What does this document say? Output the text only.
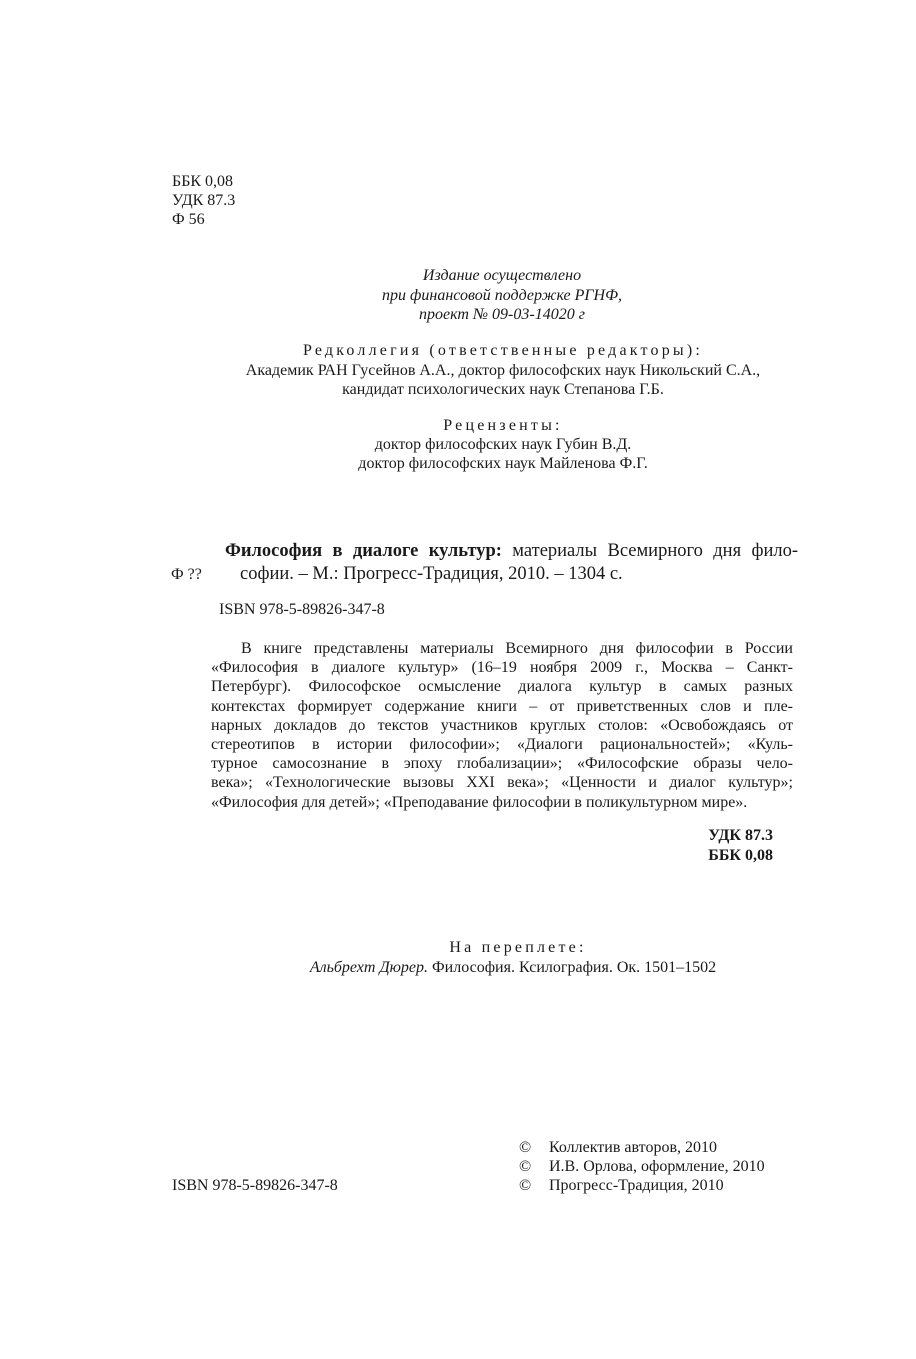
ББК 0,08
УДК 87.3
Ф 56
Издание осуществлено
при финансовой поддержке РГНФ,
проект № 09-03-14020 г
Редколлегия (ответственные редакторы):
Академик РАН Гусейнов А.А., доктор философских наук Никольский С.А.,
кандидат психологических наук Степанова Г.Б.
Рецензенты:
доктор философских наук Губин В.Д.
доктор философских наук Майленова Ф.Г.
Ф ??
Философия в диалоге культур: материалы Всемирного дня фило-
софии. – М.: Прогресс-Традиция, 2010. – 1304 с.
ISBN 978-5-89826-347-8
В книге представлены материалы Всемирного дня философии в России
«Философия в диалоге культур» (16–19 ноября 2009 г., Москва – Санкт-
Петербург). Философское осмысление диалога культур в самых разных
контекстах формирует содержание книги – от приветственных слов и пле-
нарных докладов до текстов участников круглых столов: «Освобождаясь от
стереотипов в истории философии»; «Диалоги рациональностей»; «Куль-
турное самосознание в эпоху глобализации»; «Философские образы чело-
века»; «Технологические вызовы XXI века»; «Ценности и диалог культур»;
«Философия для детей»; «Преподавание философии в поликультурном мире».
УДК 87.3
ББК 0,08
На переплете:
Альбрехт Дюрер. Философия. Ксилография. Ок. 1501–1502
ISBN 978-5-89826-347-8
© Коллектив авторов, 2010
© И.В. Орлова, оформление, 2010
© Прогресс-Традиция, 2010
